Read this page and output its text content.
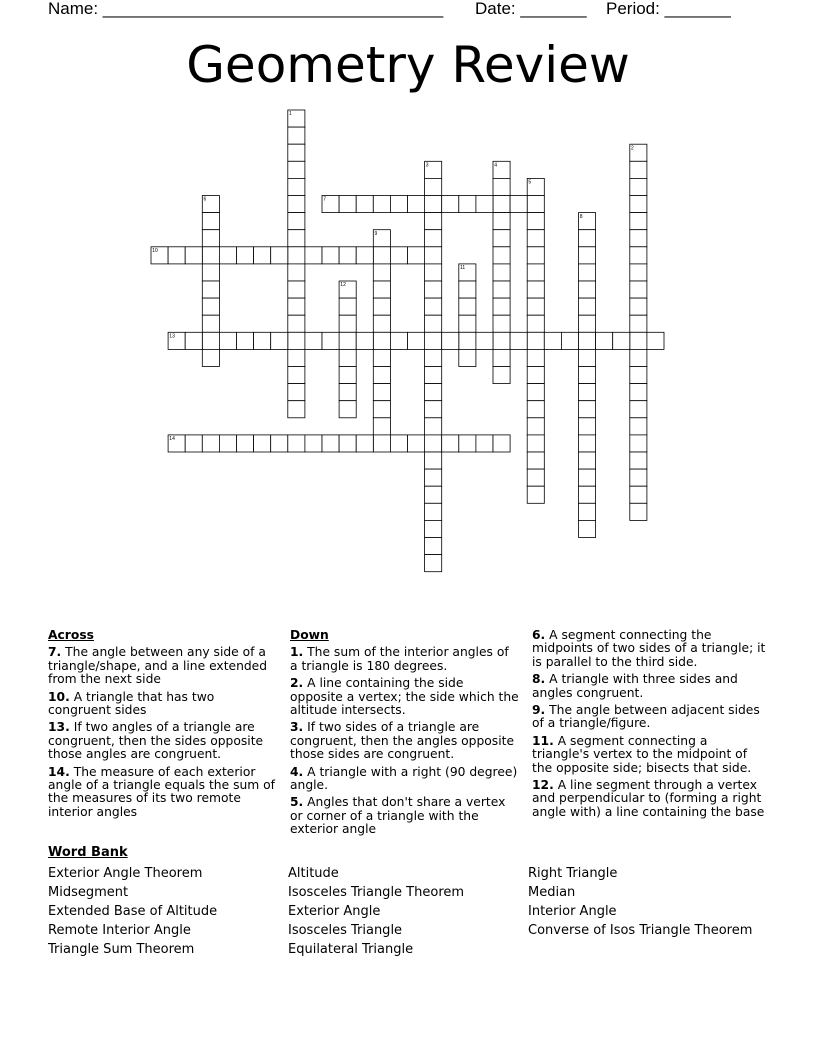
Name: ____________________________________ Date: _______ Period: _______
Geometry Review
1
2
3	4
5
6	7
8
9
10
11
12
13
14
Across
7. The angle between any side of a triangle/shape, and a line extended from the next side
10. A triangle that has two congruent sides
13. If two angles of a triangle are congruent, then the sides opposite those angles are congruent.
14. The measure of each exterior angle of a triangle equals the sum of the measures of its two remote interior angles
Down
1. The sum of the interior angles of a triangle is 180 degrees.
2. A line containing the side opposite a vertex; the side which the altitude intersects.
3. If two sides of a triangle are congruent, then the angles opposite those sides are congruent.
4. A triangle with a right (90 degree) angle.
5. Angles that don't share a vertex or corner of a triangle with the exterior angle
6. A segment connecting the midpoints of two sides of a triangle; it is parallel to the third side.
8. A triangle with three sides and angles congruent.
9. The angle between adjacent sides of a triangle/figure.
11. A segment connecting a triangle's vertex to the midpoint of the opposite side; bisects that side.
12. A line segment through a vertex and perpendicular to (forming a right angle with) a line containing the base
Word Bank
Exterior Angle Theorem
Midsegment
Extended Base of Altitude
Remote Interior Angle
Triangle Sum Theorem
Altitude
Isosceles Triangle Theorem
Exterior Angle
Isosceles Triangle
Equilateral Triangle
Right Triangle
Median
Interior Angle
Converse of Isos Triangle Theorem
